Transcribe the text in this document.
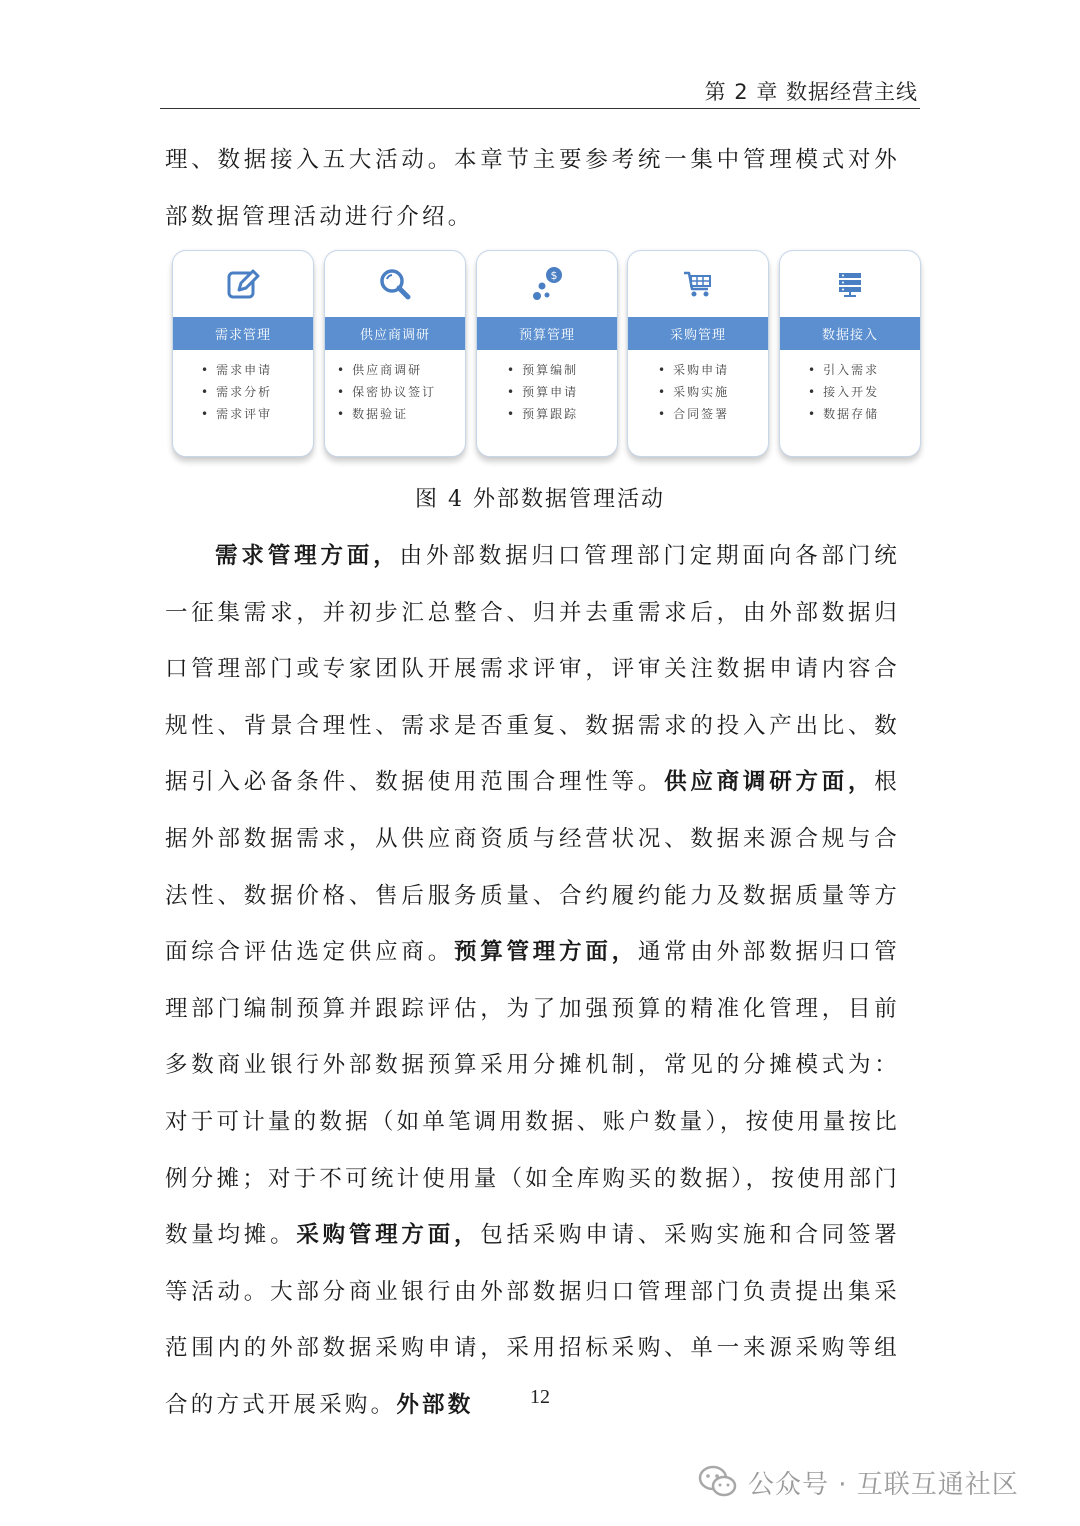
第 2 章 数据经营主线

理、数据接入五大活动。本章节主要参考统一集中管理模式对外部数据管理活动进行介绍。

需求管理
• 需求申请
• 需求分析
• 需求评审
供应商调研
• 供应商调研
• 保密协议签订
• 数据验证
$
预算管理
• 预算编制
• 预算申请
• 预算跟踪
采购管理
• 采购申请
• 采购实施
• 合同签署
数据接入
• 引入需求
• 接入开发
• 数据存储
图 4 外部数据管理活动

需求管理方面，由外部数据归口管理部门定期面向各部门统一征集需求，并初步汇总整合、归并去重需求后，由外部数据归口管理部门或专家团队开展需求评审，评审关注数据申请内容合规性、背景合理性、需求是否重复、数据需求的投入产出比、数据引入必备条件、数据使用范围合理性等。供应商调研方面，根据外部数据需求，从供应商资质与经营状况、数据来源合规与合法性、数据价格、售后服务质量、合约履约能力及数据质量等方面综合评估选定供应商。预算管理方面，通常由外部数据归口管理部门编制预算并跟踪评估，为了加强预算的精准化管理，目前多数商业银行外部数据预算采用分摊机制，常见的分摊模式为：对于可计量的数据（如单笔调用数据、账户数量），按使用量按比例分摊；对于不可统计使用量（如全库购买的数据），按使用部门数量均摊。采购管理方面，包括采购申请、采购实施和合同签署等活动。大部分商业银行由外部数据归口管理部门负责提出集采范围内的外部数据采购申请，采用招标采购、单一来源采购等组合的方式开展采购。外部数	12
公众号 · 互联互通社区
